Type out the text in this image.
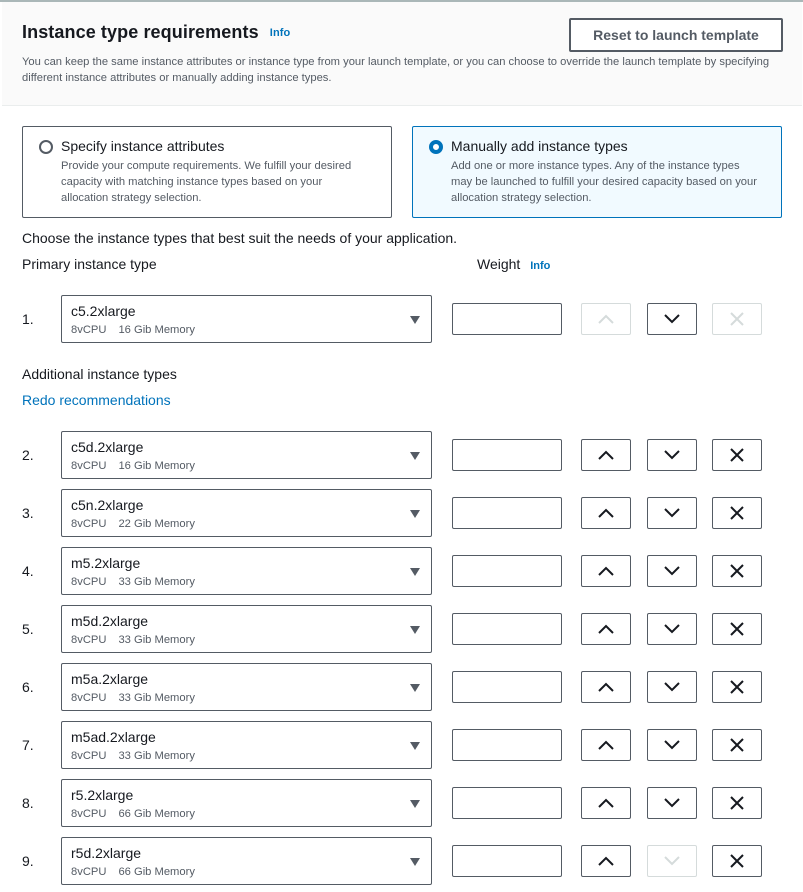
Instance type requirements Info	Reset to launch template
You can keep the same instance attributes or instance type from your launch template, or you can choose to override the launch template by specifying different instance attributes or manually adding instance types.
Specify instance attributes
Provide your compute requirements. We fulfill your desired capacity with matching instance types based on your allocation strategy selection.
Manually add instance types
Add one or more instance types. Any of the instance types may be launched to fulfill your desired capacity based on your allocation strategy selection.
Choose the instance types that best suit the needs of your application.
Primary instance type	Weight Info
Additional instance types
Redo recommendations
1.	c5.2xlarge
8vCPU 16 Gib Memory
2.	c5d.2xlarge
8vCPU 16 Gib Memory
3.	c5n.2xlarge
8vCPU 22 Gib Memory
4.	m5.2xlarge
8vCPU 33 Gib Memory
5.	m5d.2xlarge
8vCPU 33 Gib Memory
6.	m5a.2xlarge
8vCPU 33 Gib Memory
7.	m5ad.2xlarge
8vCPU 33 Gib Memory
8.	r5.2xlarge
8vCPU 66 Gib Memory
9.	r5d.2xlarge
8vCPU 66 Gib Memory
